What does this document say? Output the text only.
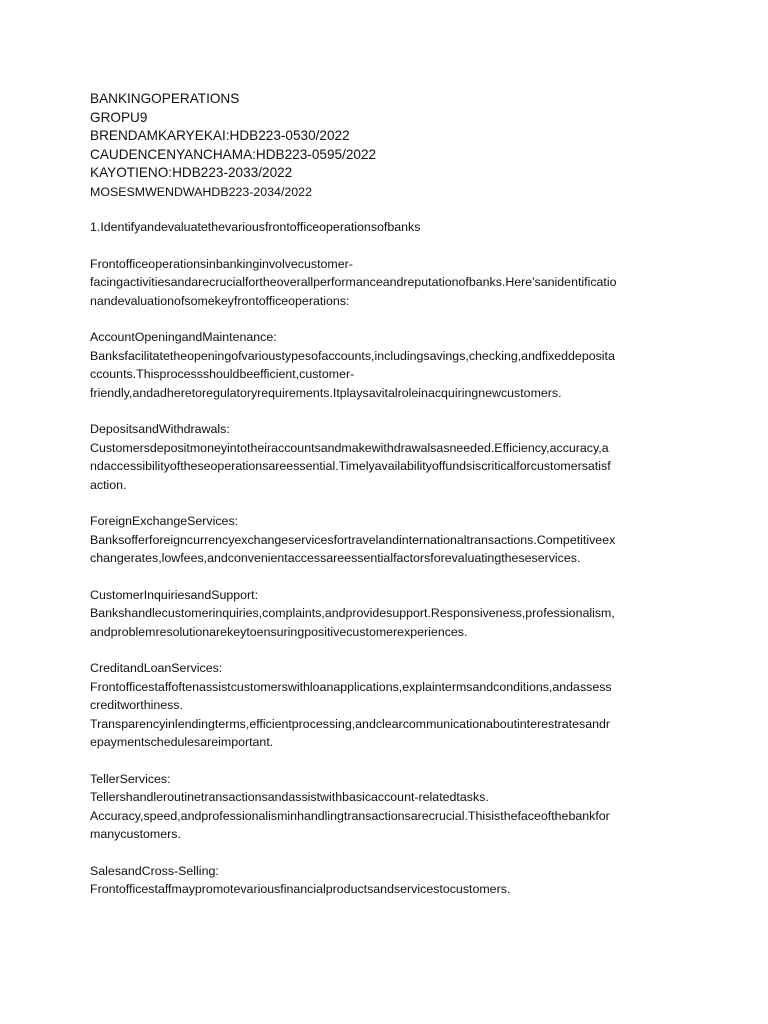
BANKINGOPERATIONS
GROPU9
BRENDAMKARYEKAI:HDB223-0530/2022
CAUDENCENYANCHAMA:HDB223-0595/2022
KAYOTIENO:HDB223-2033/2022
MOSESMWENDWAHDB223-2034/2022
1.Identifyandevaluatethevariousfrontofficeoperationsofbanks
Frontofficeoperationsinbankinginvolvecustomer-
facingactivitiesandarecrucialfortheoverallperformanceandreputationofbanks.Here'sanidentificatio
nandevaluationofsomekeyfrontofficeoperations:
AccountOpeningandMaintenance:
Banksfacilitatetheopeningofvarioustypesofaccounts,includingsavings,checking,andfixeddeposita
ccounts.Thisprocessshouldbeefficient,customer-
friendly,andadheretoregulatoryrequirements.Itplaysavitalroleinacquiringnewcustomers.
DepositsandWithdrawals:
Customersdepositmoneyintotheiraccountsandmakewithdrawalsasneeded.Efficiency,accuracy,a
ndaccessibilityoftheseoperationsareessential.Timelyavailabilityoffundsiscriticalforcustomersatisf
action.
ForeignExchangeServices:
Banksofferforeigncurrencyexchangeservicesfortravelandinternationaltransactions.Competitiveex
changerates,lowfees,andconvenientaccessareessentialfactorsforevaluatingtheseservices.
CustomerInquiriesandSupport:
Bankshandlecustomerinquiries,complaints,andprovidesupport.Responsiveness,professionalism,
andproblemresolutionarekeytoensuringpositivecustomerexperiences.
CreditandLoanServices:
Frontofficestaffoftenassistcustomerswithloanapplications,explaintermsandconditions,andassess
creditworthiness.
Transparencyinlendingterms,efficientprocessing,andclearcommunicationaboutinterestratesandr
epaymentschedulesareimportant.
TellerServices:
Tellershandleroutinetransactionsandassistwithbasicaccount-relatedtasks.
Accuracy,speed,andprofessionalisminhandlingtransactionsarecrucial.Thisisthefaceofthebankfor
manycustomers.
SalesandCross-Selling:
Frontofficestaffmaypromotevariousfinancialproductsandservicestocustomers.
